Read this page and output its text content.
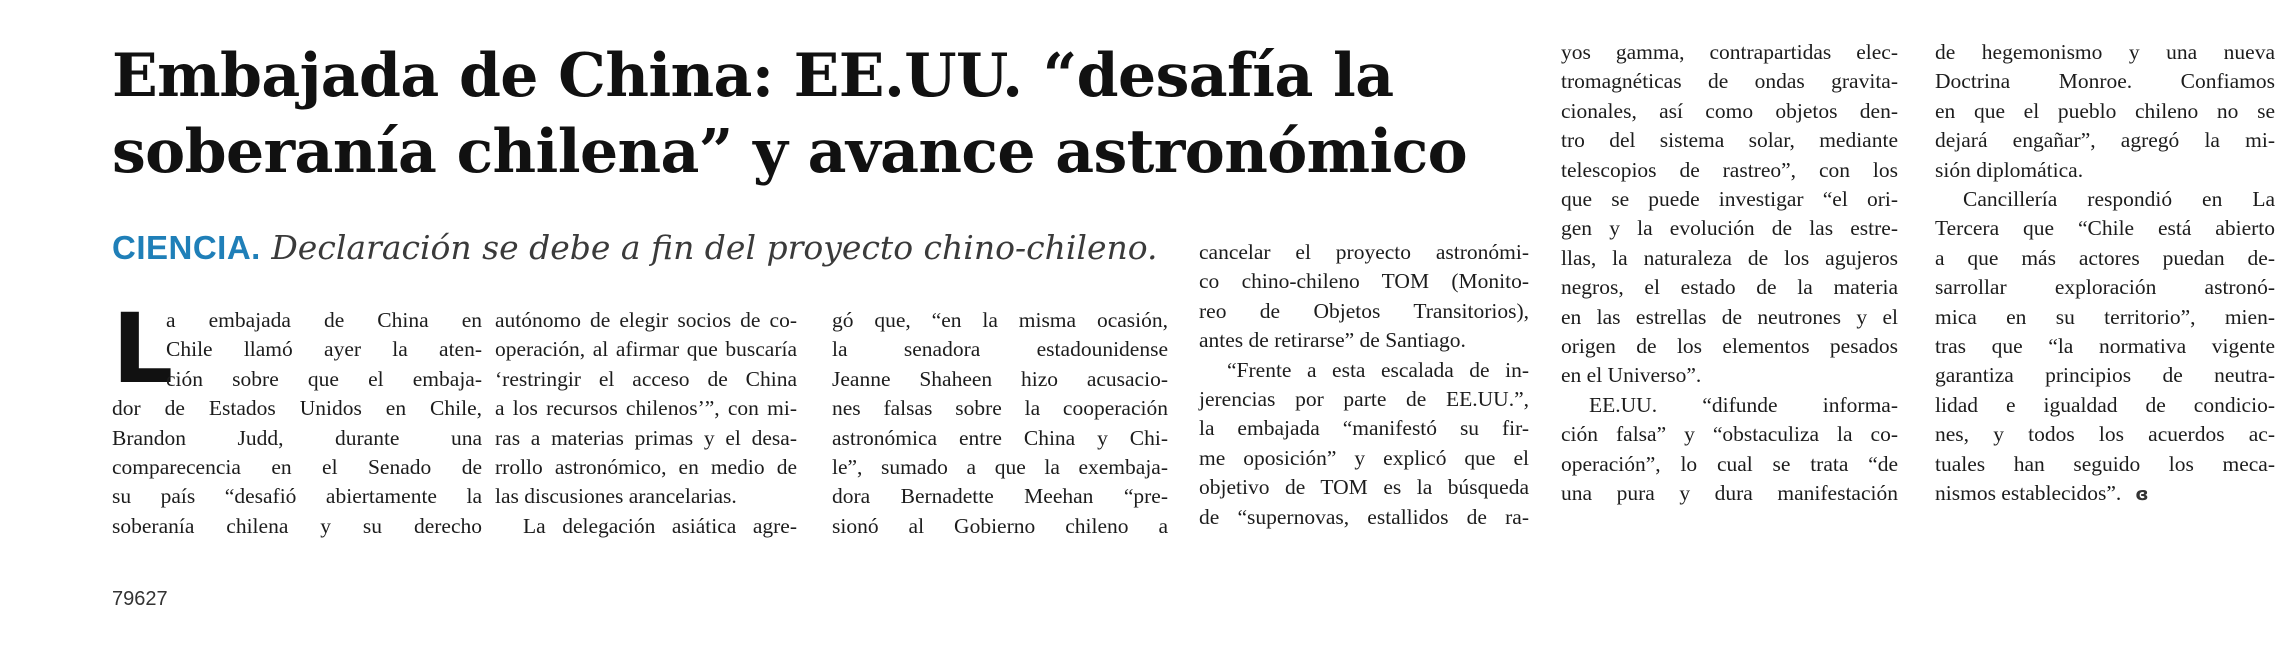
Embajada de China: EE.UU. “desafía la
soberanía chilena” y avance astronómico
CIENCIA. Declaración se debe a fin del proyecto chino-chileno.
L
a embajada de China en
Chile llamó ayer la aten-
ción sobre que el embaja-
dor de Estados Unidos en Chile,
Brandon Judd, durante una
comparecencia en el Senado de
su país “desafió abiertamente la
soberanía chilena y su derecho
autónomo de elegir socios de co-
operación, al afirmar que buscaría
‘restringir el acceso de China
a los recursos chilenos’”, con mi-
ras a materias primas y el desa-
rrollo astronómico, en medio de
las discusiones arancelarias.
La delegación asiática agre-
gó que, “en la misma ocasión,
la senadora estadounidense
Jeanne Shaheen hizo acusacio-
nes falsas sobre la cooperación
astronómica entre China y Chi-
le”, sumado a que la exembaja-
dora Bernadette Meehan “pre-
sionó al Gobierno chileno a
cancelar el proyecto astronómi-
co chino-chileno TOM (Monito-
reo de Objetos Transitorios),
antes de retirarse” de Santiago.
“Frente a esta escalada de in-
jerencias por parte de EE.UU.”,
la embajada “manifestó su fir-
me oposición” y explicó que el
objetivo de TOM es la búsqueda
de “supernovas, estallidos de ra-
yos gamma, contrapartidas elec-
tromagnéticas de ondas gravita-
cionales, así como objetos den-
tro del sistema solar, mediante
telescopios de rastreo”, con los
que se puede investigar “el ori-
gen y la evolución de las estre-
llas, la naturaleza de los agujeros
negros, el estado de la materia
en las estrellas de neutrones y el
origen de los elementos pesados
en el Universo”.
EE.UU. “difunde informa-
ción falsa” y “obstaculiza la co-
operación”, lo cual se trata “de
una pura y dura manifestación
de hegemonismo y una nueva
Doctrina Monroe. Confiamos
en que el pueblo chileno no se
dejará engañar”, agregó la mi-
sión diplomática.
Cancillería respondió en La
Tercera que “Chile está abierto
a que más actores puedan de-
sarrollar exploración astronó-
mica en su territorio”, mien-
tras que “la normativa vigente
garantiza principios de neutra-
lidad e igualdad de condicio-
nes, y todos los acuerdos ac-
tuales han seguido los meca-
nismos establecidos”. ɞ
79627
